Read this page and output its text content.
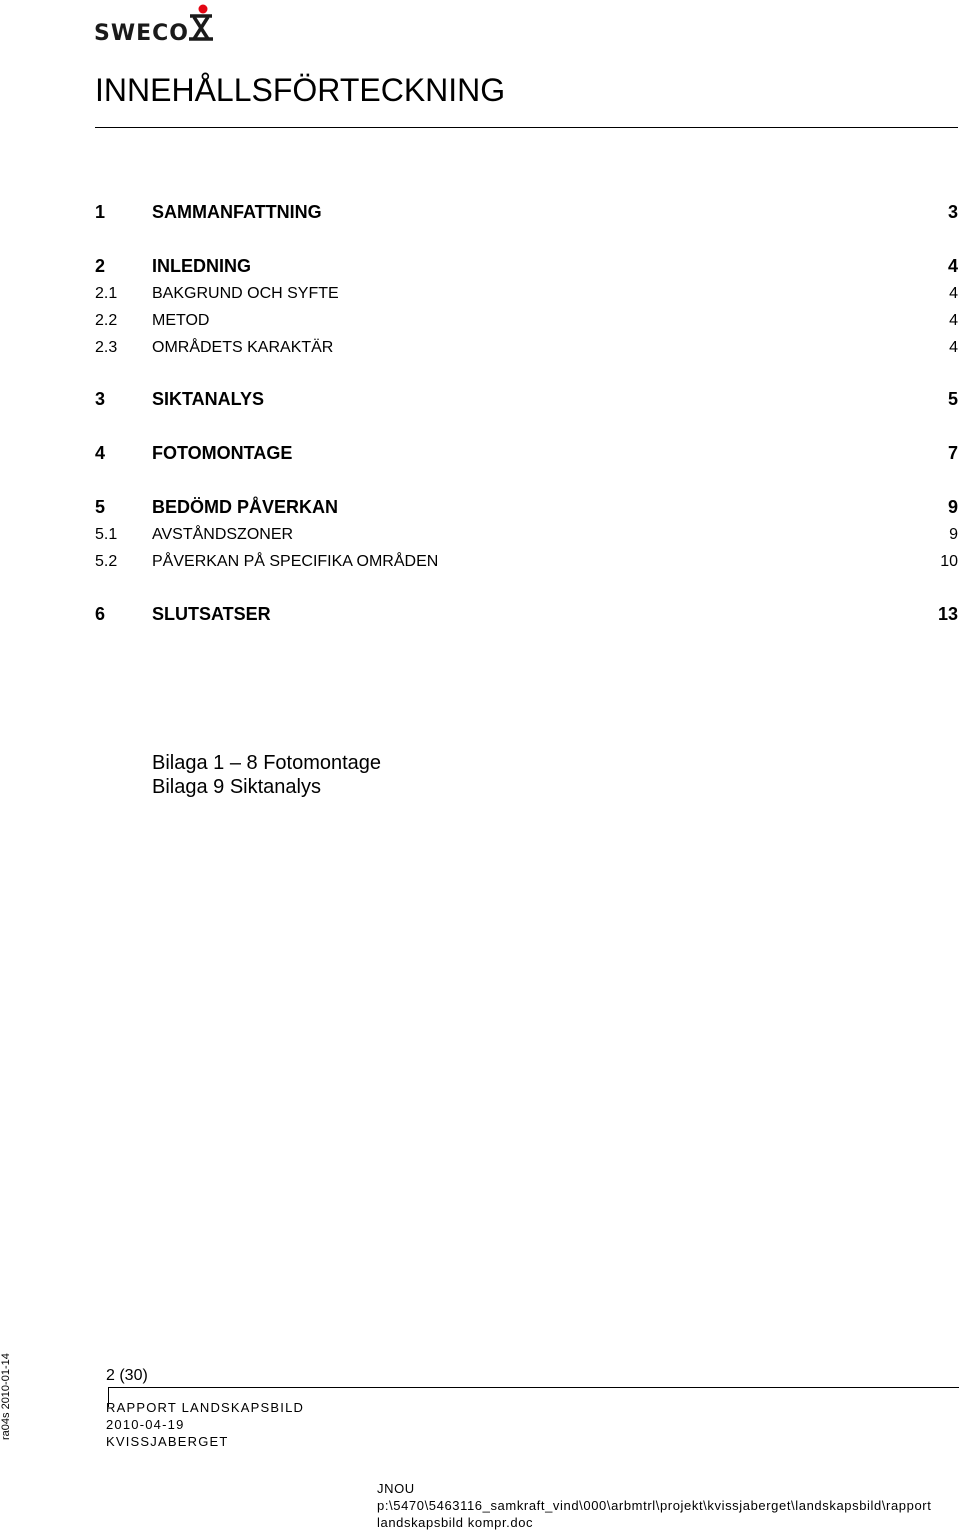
SWECO
INNEHÅLLSFÖRTECKNING
1	SAMMANFATTNING	3
2	INLEDNING	4
2.1 BAKGRUND OCH SYFTE	4
2.2 METOD	4
2.3 OMRÅDETS KARAKTÄR	4
3	SIKTANALYS	5
4	FOTOMONTAGE	7
5	BEDÖMD PÅVERKAN	9
5.1 AVSTÅNDSZONER	9
5.2 PÅVERKAN PÅ SPECIFIKA OMRÅDEN	10
6	SLUTSATSER	13
Bilaga 1 – 8 Fotomontage
Bilaga 9 Siktanalys
2 (30)
RAPPORT LANDSKAPSBILD
2010-04-19
KVISSJABERGET
JNOU
p:\5470\5463116_samkraft_vind\000\arbmtrl\projekt\kvissjaberget\landskapsbild\rapport
landskapsbild kompr.doc
ra04s 2010-01-14
